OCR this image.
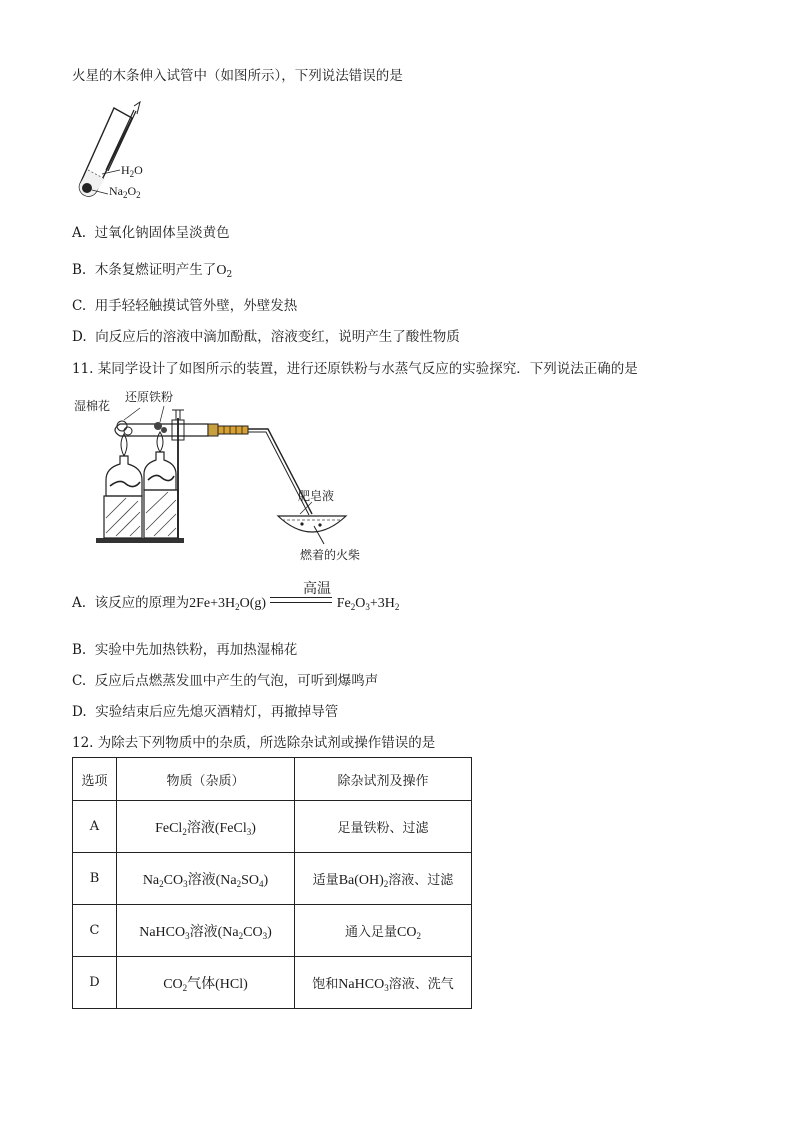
火星的木条伸入试管中（如图所示），下列说法错误的是
$H_2O$
$Na_2O_2$
A. 过氧化钠固体呈淡黄色
B. 木条复燃证明产生了$O_2$
C. 用手轻轻触摸试管外壁，外壁发热
D. 向反应后的溶液中滴加酚酞，溶液变红，说明产生了酸性物质
11. 某同学设计了如图所示的装置，进行还原铁粉与水蒸气反应的实验探究．下列说法正确的是
湿棉花
还原铁粉
肥皂液
燃着的火柴
高温
A. 该反应的原理为$2Fe+3H_2O(g)$	$Fe_2O_3+3H_2$
B. 实验中先加热铁粉，再加热湿棉花
C. 反应后点燃蒸发皿中产生的气泡，可听到爆鸣声
D. 实验结束后应先熄灭酒精灯，再撤掉导管
12. 为除去下列物质中的杂质，所选除杂试剂或操作错误的是
选项	物质（杂质）	除杂试剂及操作
A	FeCl$_2$溶液(FeCl$_3$)	足量铁粉、过滤
B	$Na_2CO_3$溶液$(Na_2SO_4)$	适量$Ba(OH)_2$溶液、过滤
C	NaHCO$_3$溶液$(Na_2CO_3)$	通入足量$CO_2$
D	$CO_2$气体(HCl)	饱和NaHCO$_3$溶液、洗气
